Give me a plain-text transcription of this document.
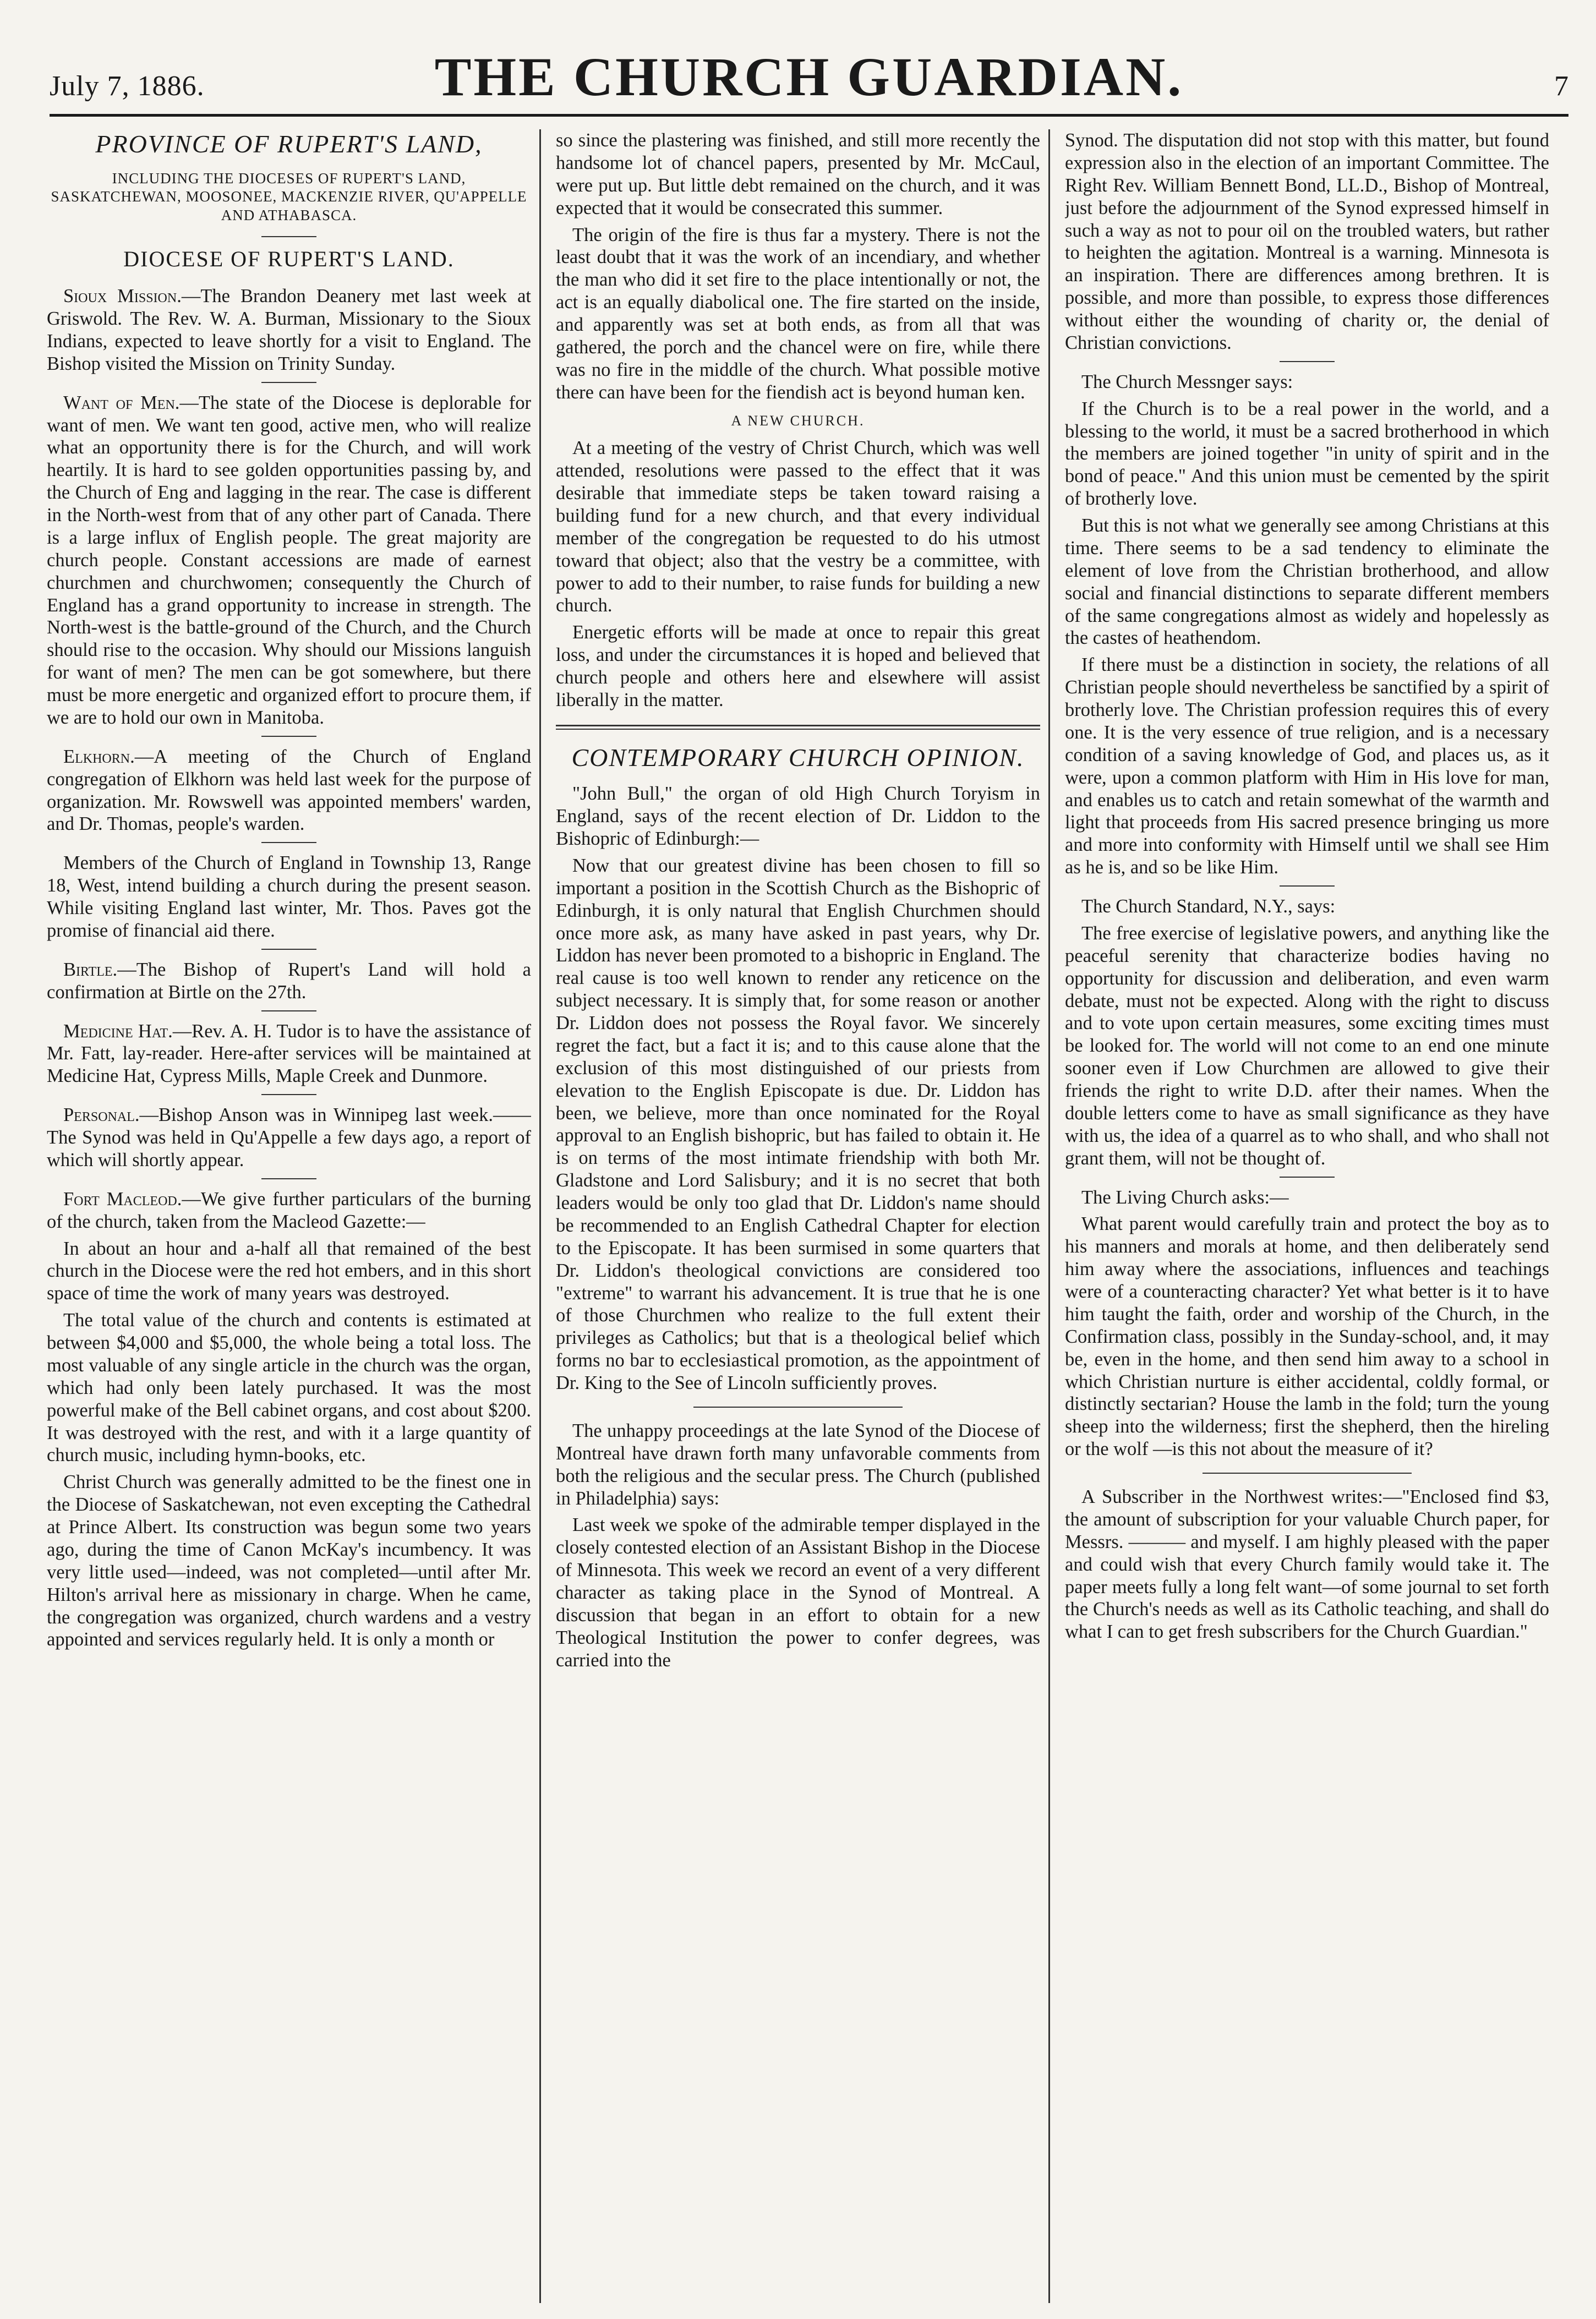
July 7, 1886.	THE CHURCH GUARDIAN.	7
PROVINCE OF RUPERT'S LAND,
INCLUDING THE DIOCESES OF RUPERT'S LAND, SASKATCHEWAN, MOOSONEE, MACKENZIE RIVER, QU'APPELLE AND ATHABASCA.
DIOCESE OF RUPERT'S LAND.

Sioux Mission.—The Brandon Deanery met last week at Griswold. The Rev. W. A. Burman, Missionary to the Sioux Indians, expected to leave shortly for a visit to England. The Bishop visited the Mission on Trinity Sunday.

Want of Men.—The state of the Diocese is deplorable for want of men. We want ten good, active men, who will realize what an opportunity there is for the Church, and will work heartily. It is hard to see golden opportunities passing by, and the Church of Eng and lagging in the rear. The case is different in the North-west from that of any other part of Canada. There is a large influx of English people. The great majority are church people. Constant accessions are made of earnest churchmen and churchwomen; consequently the Church of England has a grand opportunity to increase in strength. The North-west is the battle-ground of the Church, and the Church should rise to the occasion. Why should our Missions languish for want of men? The men can be got somewhere, but there must be more energetic and organized effort to procure them, if we are to hold our own in Manitoba.

Elkhorn.—A meeting of the Church of England congregation of Elkhorn was held last week for the purpose of organization. Mr. Rowswell was appointed members' warden, and Dr. Thomas, people's warden.

Members of the Church of England in Township 13, Range 18, West, intend building a church during the present season. While visiting England last winter, Mr. Thos. Paves got the promise of financial aid there.

Birtle.—The Bishop of Rupert's Land will hold a confirmation at Birtle on the 27th.

Medicine Hat.—Rev. A. H. Tudor is to have the assistance of Mr. Fatt, lay-reader. Here-after services will be maintained at Medicine Hat, Cypress Mills, Maple Creek and Dunmore.

Personal.—Bishop Anson was in Winnipeg last week.——The Synod was held in Qu'Appelle a few days ago, a report of which will shortly appear.

Fort Macleod.—We give further particulars of the burning of the church, taken from the Macleod Gazette:—

In about an hour and a-half all that remained of the best church in the Diocese were the red hot embers, and in this short space of time the work of many years was destroyed.

The total value of the church and contents is estimated at between $4,000 and $5,000, the whole being a total loss. The most valuable of any single article in the church was the organ, which had only been lately purchased. It was the most powerful make of the Bell cabinet organs, and cost about $200. It was destroyed with the rest, and with it a large quantity of church music, including hymn-books, etc.

Christ Church was generally admitted to be the finest one in the Diocese of Saskatchewan, not even excepting the Cathedral at Prince Albert. Its construction was begun some two years ago, during the time of Canon McKay's incumbency. It was very little used—indeed, was not completed—until after Mr. Hilton's arrival here as missionary in charge. When he came, the congregation was organized, church wardens and a vestry appointed and services regularly held. It is only a month or

so since the plastering was finished, and still more recently the handsome lot of chancel papers, presented by Mr. McCaul, were put up. But little debt remained on the church, and it was expected that it would be consecrated this summer.

The origin of the fire is thus far a mystery. There is not the least doubt that it was the work of an incendiary, and whether the man who did it set fire to the place intentionally or not, the act is an equally diabolical one. The fire started on the inside, and apparently was set at both ends, as from all that was gathered, the porch and the chancel were on fire, while there was no fire in the middle of the church. What possible motive there can have been for the fiendish act is beyond human ken.

A NEW CHURCH.

At a meeting of the vestry of Christ Church, which was well attended, resolutions were passed to the effect that it was desirable that immediate steps be taken toward raising a building fund for a new church, and that every individual member of the congregation be requested to do his utmost toward that object; also that the vestry be a committee, with power to add to their number, to raise funds for building a new church.

Energetic efforts will be made at once to repair this great loss, and under the circumstances it is hoped and believed that church people and others here and elsewhere will assist liberally in the matter.

CONTEMPORARY CHURCH OPINION.

"John Bull," the organ of old High Church Toryism in England, says of the recent election of Dr. Liddon to the Bishopric of Edinburgh:—

Now that our greatest divine has been chosen to fill so important a position in the Scottish Church as the Bishopric of Edinburgh, it is only natural that English Churchmen should once more ask, as many have asked in past years, why Dr. Liddon has never been promoted to a bishopric in England. The real cause is too well known to render any reticence on the subject necessary. It is simply that, for some reason or another Dr. Liddon does not possess the Royal favor. We sincerely regret the fact, but a fact it is; and to this cause alone that the exclusion of this most distinguished of our priests from elevation to the English Episcopate is due. Dr. Liddon has been, we believe, more than once nominated for the Royal approval to an English bishopric, but has failed to obtain it. He is on terms of the most intimate friendship with both Mr. Gladstone and Lord Salisbury; and it is no secret that both leaders would be only too glad that Dr. Liddon's name should be recommended to an English Cathedral Chapter for election to the Episcopate. It has been surmised in some quarters that Dr. Liddon's theological convictions are considered too "extreme" to warrant his advancement. It is true that he is one of those Churchmen who realize to the full extent their privileges as Catholics; but that is a theological belief which forms no bar to ecclesiastical promotion, as the appointment of Dr. King to the See of Lincoln sufficiently proves.

The unhappy proceedings at the late Synod of the Diocese of Montreal have drawn forth many unfavorable comments from both the religious and the secular press. The Church (published in Philadelphia) says:

Last week we spoke of the admirable temper displayed in the closely contested election of an Assistant Bishop in the Diocese of Minnesota. This week we record an event of a very different character as taking place in the Synod of Montreal. A discussion that began in an effort to obtain for a new Theological Institution the power to confer degrees, was carried into the

Synod. The disputation did not stop with this matter, but found expression also in the election of an important Committee. The Right Rev. William Bennett Bond, LL.D., Bishop of Montreal, just before the adjournment of the Synod expressed himself in such a way as not to pour oil on the troubled waters, but rather to heighten the agitation. Montreal is a warning. Minnesota is an inspiration. There are differences among brethren. It is possible, and more than possible, to express those differences without either the wounding of charity or, the denial of Christian convictions.

The Church Messnger says:

If the Church is to be a real power in the world, and a blessing to the world, it must be a sacred brotherhood in which the members are joined together "in unity of spirit and in the bond of peace." And this union must be cemented by the spirit of brotherly love.

But this is not what we generally see among Christians at this time. There seems to be a sad tendency to eliminate the element of love from the Christian brotherhood, and allow social and financial distinctions to separate different members of the same congregations almost as widely and hopelessly as the castes of heathendom.

If there must be a distinction in society, the relations of all Christian people should nevertheless be sanctified by a spirit of brotherly love. The Christian profession requires this of every one. It is the very essence of true religion, and is a necessary condition of a saving knowledge of God, and places us, as it were, upon a common platform with Him in His love for man, and enables us to catch and retain somewhat of the warmth and light that proceeds from His sacred presence bringing us more and more into conformity with Himself until we shall see Him as he is, and so be like Him.

The Church Standard, N.Y., says:

The free exercise of legislative powers, and anything like the peaceful serenity that characterize bodies having no opportunity for discussion and deliberation, and even warm debate, must not be expected. Along with the right to discuss and to vote upon certain measures, some exciting times must be looked for. The world will not come to an end one minute sooner even if Low Churchmen are allowed to give their friends the right to write D.D. after their names. When the double letters come to have as small significance as they have with us, the idea of a quarrel as to who shall, and who shall not grant them, will not be thought of.

The Living Church asks:—

What parent would carefully train and protect the boy as to his manners and morals at home, and then deliberately send him away where the associations, influences and teachings were of a counteracting character? Yet what better is it to have him taught the faith, order and worship of the Church, in the Confirmation class, possibly in the Sunday-school, and, it may be, even in the home, and then send him away to a school in which Christian nurture is either accidental, coldly formal, or distinctly sectarian? House the lamb in the fold; turn the young sheep into the wilderness; first the shepherd, then the hireling or the wolf —is this not about the measure of it?

A Subscriber in the Northwest writes:—"Enclosed find $3, the amount of subscription for your valuable Church paper, for Messrs. ——— and myself. I am highly pleased with the paper and could wish that every Church family would take it. The paper meets fully a long felt want—of some journal to set forth the Church's needs as well as its Catholic teaching, and shall do what I can to get fresh subscribers for the Church Guardian."
